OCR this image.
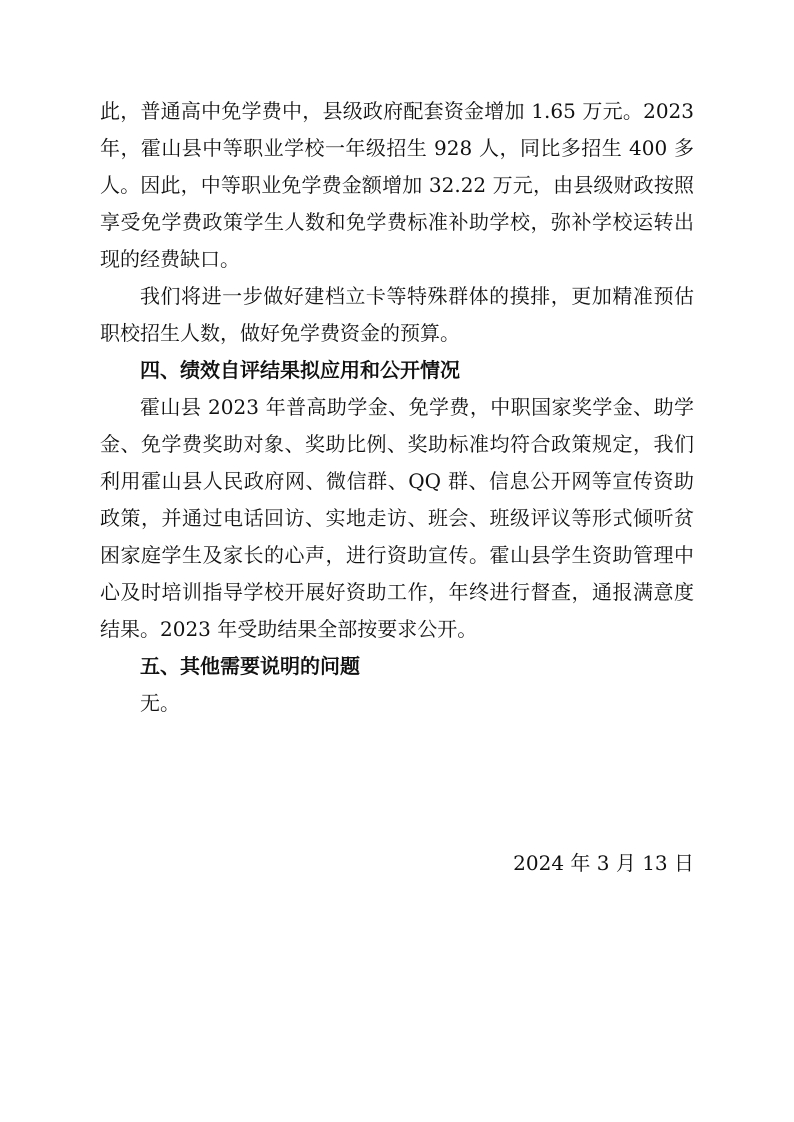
此，普通高中免学费中，县级政府配套资金增加 1.65 万元。2023 年，霍山县中等职业学校一年级招生 928 人，同比多招生 400 多人。因此，中等职业免学费金额增加 32.22 万元，由县级财政按照享受免学费政策学生人数和免学费标准补助学校，弥补学校运转出现的经费缺口。

我们将进一步做好建档立卡等特殊群体的摸排，更加精准预估职校招生人数，做好免学费资金的预算。

四、绩效自评结果拟应用和公开情况

霍山县 2023 年普高助学金、免学费，中职国家奖学金、助学金、免学费奖助对象、奖助比例、奖助标准均符合政策规定，我们利用霍山县人民政府网、微信群、QQ 群、信息公开网等宣传资助政策，并通过电话回访、实地走访、班会、班级评议等形式倾听贫困家庭学生及家长的心声，进行资助宣传。霍山县学生资助管理中心及时培训指导学校开展好资助工作，年终进行督查，通报满意度结果。2023 年受助结果全部按要求公开。

五、其他需要说明的问题

无。

2024 年 3 月 13 日
